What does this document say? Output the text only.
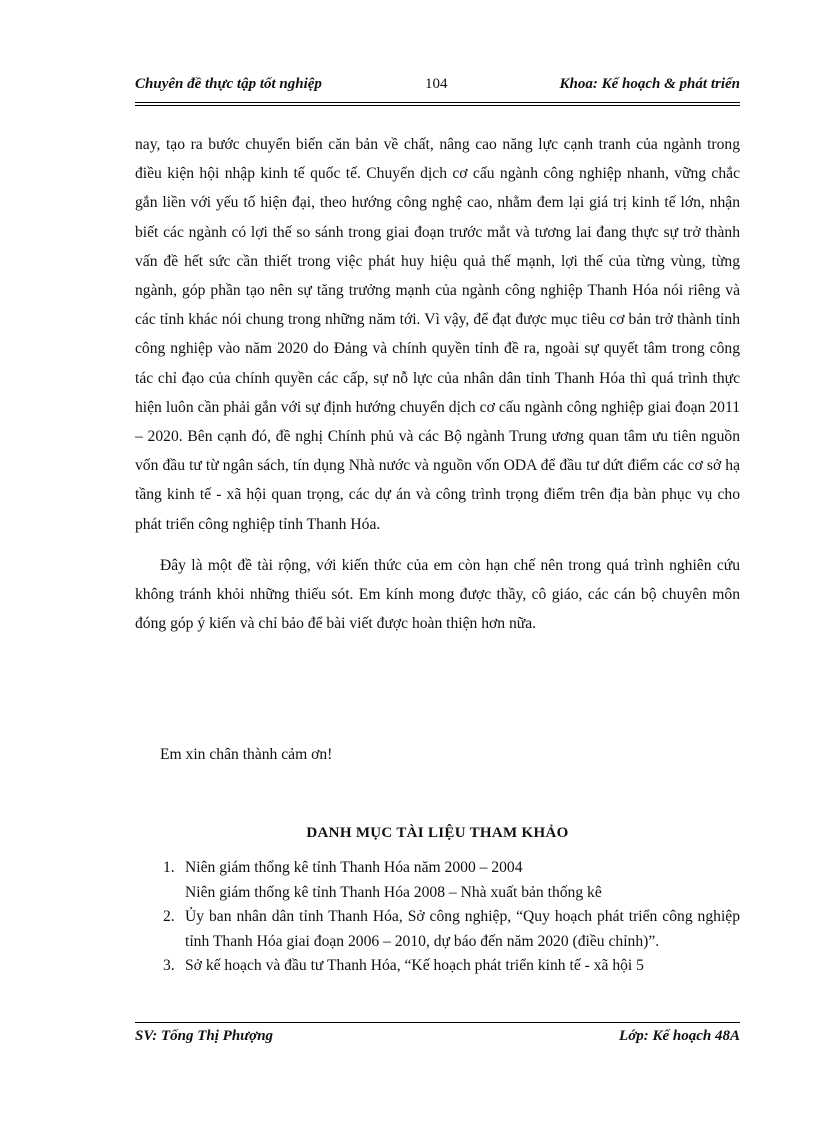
Chuyên đề thực tập tốt nghiệp	104	Khoa: Kế hoạch & phát triển

nay, tạo ra bước chuyển biến căn bản về chất, nâng cao năng lực cạnh tranh của ngành trong điều kiện hội nhập kinh tế quốc tế. Chuyển dịch cơ cấu ngành công nghiệp nhanh, vững chắc gắn liền với yếu tố hiện đại, theo hướng công nghệ cao, nhằm đem lại giá trị kinh tế lớn, nhận biết các ngành có lợi thế so sánh trong giai đoạn trước mắt và tương lai đang thực sự trở thành vấn đề hết sức cần thiết trong việc phát huy hiệu quả thế mạnh, lợi thế của từng vùng, từng ngành, góp phần tạo nên sự tăng trưởng mạnh của ngành công nghiệp Thanh Hóa nói riêng và các tỉnh khác nói chung trong những năm tới. Vì vậy, để đạt được mục tiêu cơ bản trở thành tỉnh công nghiệp vào năm 2020 do Đảng và chính quyền tỉnh đề ra, ngoài sự quyết tâm trong công tác chỉ đạo của chính quyền các cấp, sự nỗ lực của nhân dân tỉnh Thanh Hóa thì quá trình thực hiện luôn cần phải gắn với sự định hướng chuyển dịch cơ cấu ngành công nghiệp giai đoạn 2011 – 2020. Bên cạnh đó, đề nghị Chính phủ và các Bộ ngành Trung ương quan tâm ưu tiên nguồn vốn đầu tư từ ngân sách, tín dụng Nhà nước và nguồn vốn ODA để đầu tư dứt điểm các cơ sở hạ tầng kinh tế - xã hội quan trọng, các dự án và công trình trọng điểm trên địa bàn phục vụ cho phát triển công nghiệp tỉnh Thanh Hóa.

Đây là một đề tài rộng, với kiến thức của em còn hạn chế nên trong quá trình nghiên cứu không tránh khỏi những thiếu sót. Em kính mong được thầy, cô giáo, các cán bộ chuyên môn đóng góp ý kiến và chỉ bảo để bài viết được hoàn thiện hơn nữa.

Em xin chân thành cảm ơn!
DANH MỤC TÀI LIỆU THAM KHẢO
1. Niên giám thống kê tỉnh Thanh Hóa năm 2000 – 2004
Niên giám thống kê tỉnh Thanh Hóa 2008 – Nhà xuất bản thống kê
2. Ủy ban nhân dân tỉnh Thanh Hóa, Sở công nghiệp, “Quy hoạch phát triển công nghiệp tỉnh Thanh Hóa giai đoạn 2006 – 2010, dự báo đến năm 2020 (điều chỉnh)”.
3. Sở kế hoạch và đầu tư Thanh Hóa, “Kế hoạch phát triển kinh tế - xã hội 5
SV: Tống Thị Phượng	Lớp: Kế hoạch 48A
